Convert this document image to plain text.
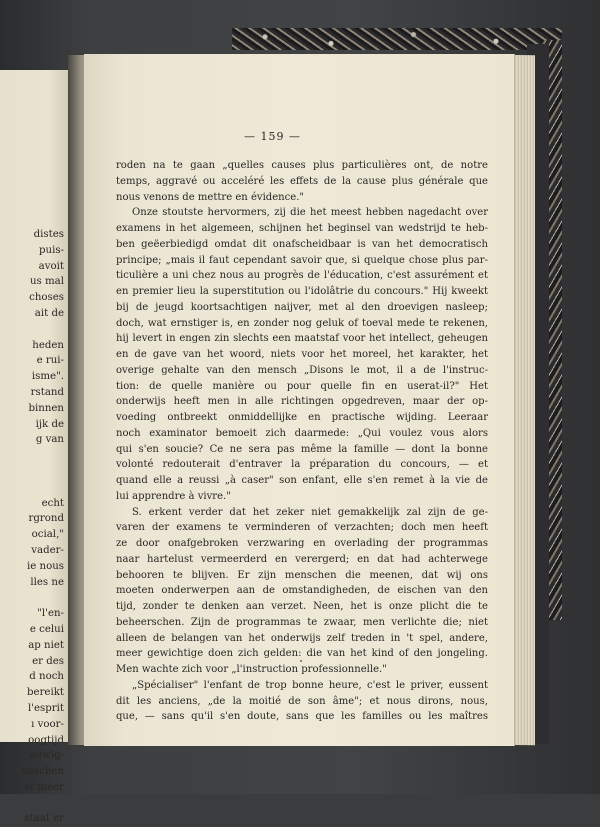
distes
puis-
avoit
us mal
choses
ait de

heden
e rui-
isme".
rstand
binnen
ijk de
g van

echt
rgrond
ocial,"
vader-
ie nous
lles ne

"l'en-
e celui
ap niet
er des
d noch
bereikt
l'esprit
ı voor-
oogtijd
euwig-
usschen
et meer

staat er
— 159 —
roden na te gaan „quelles causes plus particulières ont, de notre
temps, aggravé ou acceléré les effets de la cause plus générale que
nous venons de mettre en évidence."
Onze stoutste hervormers, zij die het meest hebben nagedacht over
examens in het algemeen, schijnen het beginsel van wedstrijd te heb-
ben geëerbiedigd omdat dit onafscheidbaar is van het democratisch
principe; „mais il faut cependant savoir que, si quelque chose plus par-
ticulière a uni chez nous au progrès de l'éducation, c'est assurément et
en premier lieu la superstitution ou l'idolâtrie du concours." Hij kweekt
bij de jeugd koortsachtigen naijver, met al den droevigen nasleep;
doch, wat ernstiger is, en zonder nog geluk of toeval mede te rekenen,
hij levert in engen zin slechts een maatstaf voor het intellect, geheugen
en de gave van het woord, niets voor het moreel, het karakter, het
overige gehalte van den mensch „Disons le mot, il a de l'instruc-
tion: de quelle manière ou pour quelle fin en userat-il?" Het
onderwijs heeft men in alle richtingen opgedreven, maar der op-
voeding ontbreekt onmiddellijke en practische wijding. Leeraar
noch examinator bemoeit zich daarmede: „Qui voulez vous alors
qui s'en soucie? Ce ne sera pas même la famille — dont la bonne
volonté redouterait d'entraver la préparation du concours, — et
quand elle a reussi „à caser" son enfant, elle s'en remet à la vie de
lui apprendre à vivre."
S. erkent verder dat het zeker niet gemakkelijk zal zijn de ge-
varen der examens te verminderen of verzachten; doch men heeft
ze door onafgebroken verzwaring en overlading der programmas
naar hartelust vermeerderd en verergerd; en dat had achterwege
behooren te blijven. Er zijn menschen die meenen, dat wij ons
moeten onderwerpen aan de omstandigheden, de eischen van den
tijd, zonder te denken aan verzet. Neen, het is onze plicht die te
beheerschen. Zijn de programmas te zwaar, men verlichte die; niet
alleen de belangen van het onderwijs zelf treden in 't spel, andere,
meer gewichtige doen zich gelden: die van het kind of den jongeling.
Men wachte zich voor „l'instruction professionnelle."
„Spécialiser" l'enfant de trop bonne heure, c'est le priver, eussent
dit les anciens, „de la moitié de son âme"; et nous dirons, nous,
que, — sans qu'il s'en doute, sans que les familles ou les maîtres
